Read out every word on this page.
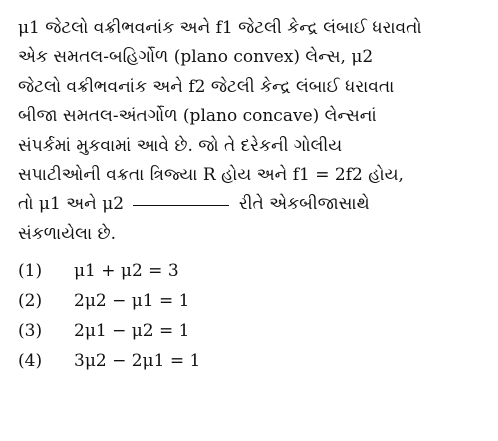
μ1 જેટલો વક્રીભવનાંક અને f1 જેટલી કેન્દ્ર લંબાઈ ધરાવતો
એક સમતલ-બહિર્ગોળ (plano convex) લેન્સ, μ2
જેટલો વક્રીભવનાંક અને f2 જેટલી કેન્દ્ર લંબાઈ ધરાવતા
બીજા સમતલ-અંતર્ગોળ (plano concave) લેન્સનાં
સંપર્કમાં મુકવામાં આવે છે. જો તે દરેકની ગોલીય
સપાટીઓની વક્રતા ત્રિજ્યા R હોય અને f1 = 2f2 હોય,
તો μ1 અને μ2	રીતે એકબીજાસાથે
સંકળાયેલા છે.
(1)	μ1 + μ2 = 3
(2)	2μ2 − μ1 = 1
(3)	2μ1 − μ2 = 1
(4)	3μ2 − 2μ1 = 1
